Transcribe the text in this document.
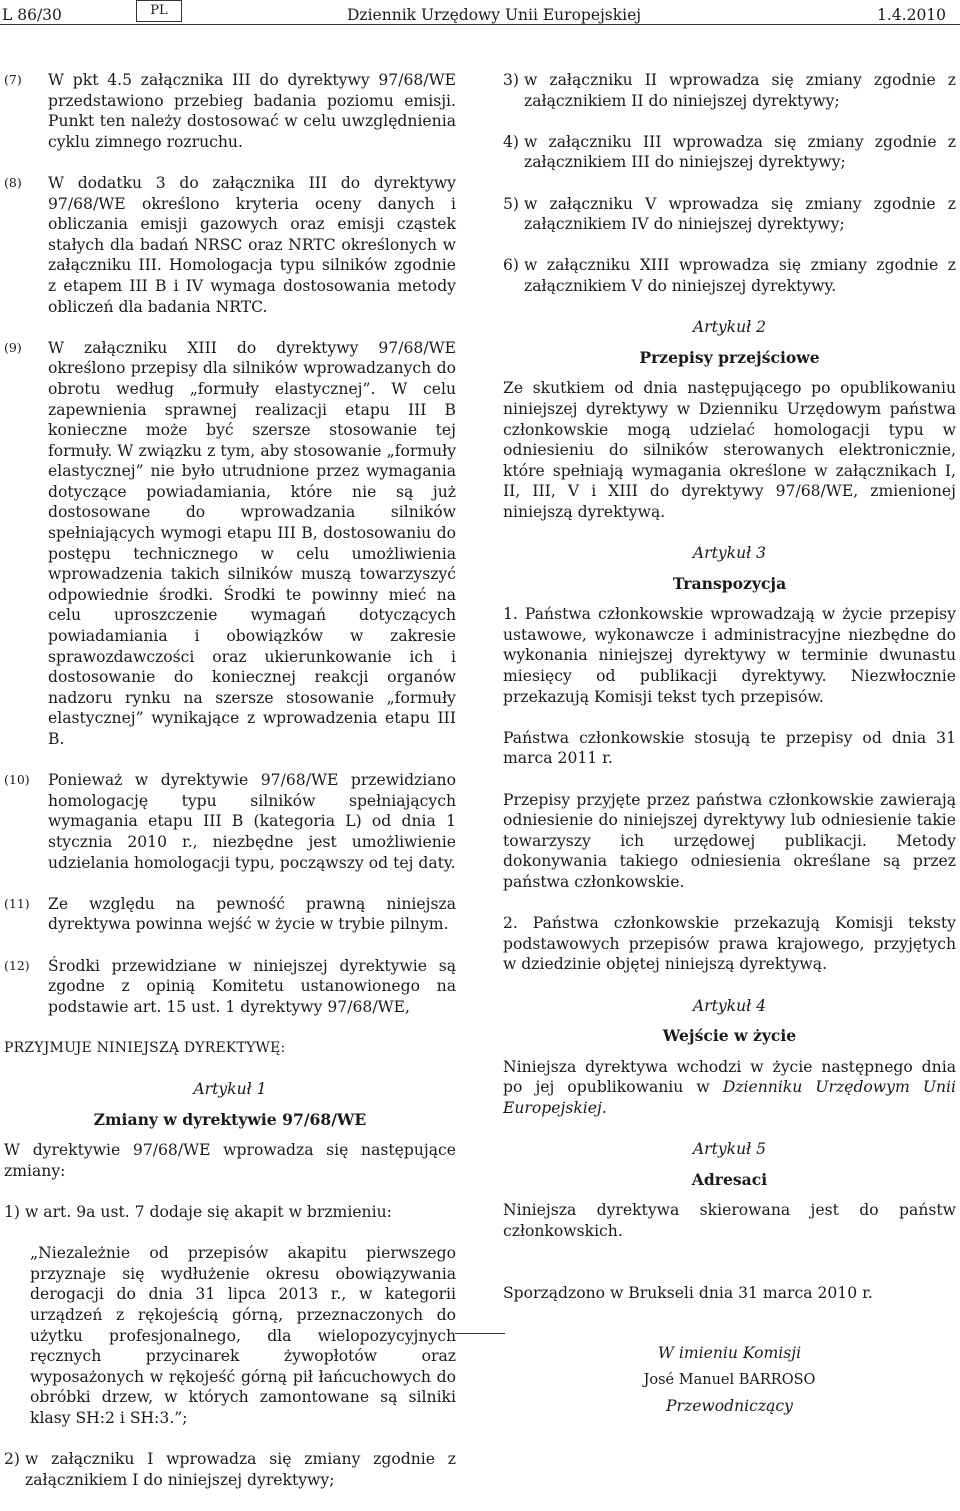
L 86/30	PL	Dziennik Urzędowy Unii Europejskiej	1.4.2010
(7) W pkt 4.5 załącznika III do dyrektywy 97/68/WE przedstawiono przebieg badania poziomu emisji. Punkt ten należy dostosować w celu uwzględnienia cyklu zimnego rozruchu.
(8) W dodatku 3 do załącznika III do dyrektywy 97/68/WE określono kryteria oceny danych i obliczania emisji gazowych oraz emisji cząstek stałych dla badań NRSC oraz NRTC określonych w załączniku III. Homologacja typu silników zgodnie z etapem III B i IV wymaga dostosowania metody obliczeń dla badania NRTC.
(9) W załączniku XIII do dyrektywy 97/68/WE określono przepisy dla silników wprowadzanych do obrotu według „formuły elastycznej”. W celu zapewnienia sprawnej realizacji etapu III B konieczne może być szersze stosowanie tej formuły. W związku z tym, aby stosowanie „formuły elastycznej” nie było utrudnione przez wymagania dotyczące powiadamiania, które nie są już dostosowane do wprowadzania silników spełniających wymogi etapu III B, dostosowaniu do postępu technicznego w celu umożliwienia wprowadzenia takich silników muszą towarzyszyć odpowiednie środki. Środki te powinny mieć na celu uproszczenie wymagań dotyczących powiadamiania i obowiązków w zakresie sprawozdawczości oraz ukierunkowanie ich i dostosowanie do koniecznej reakcji organów nadzoru rynku na szersze stosowanie „formuły elastycznej” wynikające z wprowadzenia etapu III B.
(10) Ponieważ w dyrektywie 97/68/WE przewidziano homologację typu silników spełniających wymagania etapu III B (kategoria L) od dnia 1 stycznia 2010 r., niezbędne jest umożliwienie udzielania homologacji typu, począwszy od tej daty.
(11) Ze względu na pewność prawną niniejsza dyrektywa powinna wejść w życie w trybie pilnym.
(12) Środki przewidziane w niniejszej dyrektywie są zgodne z opinią Komitetu ustanowionego na podstawie art. 15 ust. 1 dyrektywy 97/68/WE,
PRZYJMUJE NINIEJSZĄ DYREKTYWĘ:
Artykuł 1
Zmiany w dyrektywie 97/68/WE
W dyrektywie 97/68/WE wprowadza się następujące zmiany:
1) w art. 9a ust. 7 dodaje się akapit w brzmieniu:
„Niezależnie od przepisów akapitu pierwszego przyznaje się wydłużenie okresu obowiązywania derogacji do dnia 31 lipca 2013 r., w kategorii urządzeń z rękojeścią górną, przeznaczonych do użytku profesjonalnego, dla wielopozycyjnych ręcznych przycinarek żywopłotów oraz wyposażonych w rękojeść górną pił łańcuchowych do obróbki drzew, w których zamontowane są silniki klasy SH:2 i SH:3.”;
2) w załączniku I wprowadza się zmiany zgodnie z załącznikiem I do niniejszej dyrektywy;
3) w załączniku II wprowadza się zmiany zgodnie z załącznikiem II do niniejszej dyrektywy;
4) w załączniku III wprowadza się zmiany zgodnie z załącznikiem III do niniejszej dyrektywy;
5) w załączniku V wprowadza się zmiany zgodnie z załącznikiem IV do niniejszej dyrektywy;
6) w załączniku XIII wprowadza się zmiany zgodnie z załącznikiem V do niniejszej dyrektywy.
Artykuł 2
Przepisy przejściowe
Ze skutkiem od dnia następującego po opublikowaniu niniejszej dyrektywy w Dzienniku Urzędowym państwa członkowskie mogą udzielać homologacji typu w odniesieniu do silników sterowanych elektronicznie, które spełniają wymagania określone w załącznikach I, II, III, V i XIII do dyrektywy 97/68/WE, zmienionej niniejszą dyrektywą.
Artykuł 3
Transpozycja
1. Państwa członkowskie wprowadzają w życie przepisy ustawowe, wykonawcze i administracyjne niezbędne do wykonania niniejszej dyrektywy w terminie dwunastu miesięcy od publikacji dyrektywy. Niezwłocznie przekazują Komisji tekst tych przepisów.
Państwa członkowskie stosują te przepisy od dnia 31 marca 2011 r.
Przepisy przyjęte przez państwa członkowskie zawierają odniesienie do niniejszej dyrektywy lub odniesienie takie towarzyszy ich urzędowej publikacji. Metody dokonywania takiego odniesienia określane są przez państwa członkowskie.
2. Państwa członkowskie przekazują Komisji teksty podstawowych przepisów prawa krajowego, przyjętych w dziedzinie objętej niniejszą dyrektywą.
Artykuł 4
Wejście w życie
Niniejsza dyrektywa wchodzi w życie następnego dnia po jej opublikowaniu w Dzienniku Urzędowym Unii Europejskiej.
Artykuł 5
Adresaci
Niniejsza dyrektywa skierowana jest do państw członkowskich.
Sporządzono w Brukseli dnia 31 marca 2010 r.
W imieniu Komisji
José Manuel BARROSO
Przewodniczący
